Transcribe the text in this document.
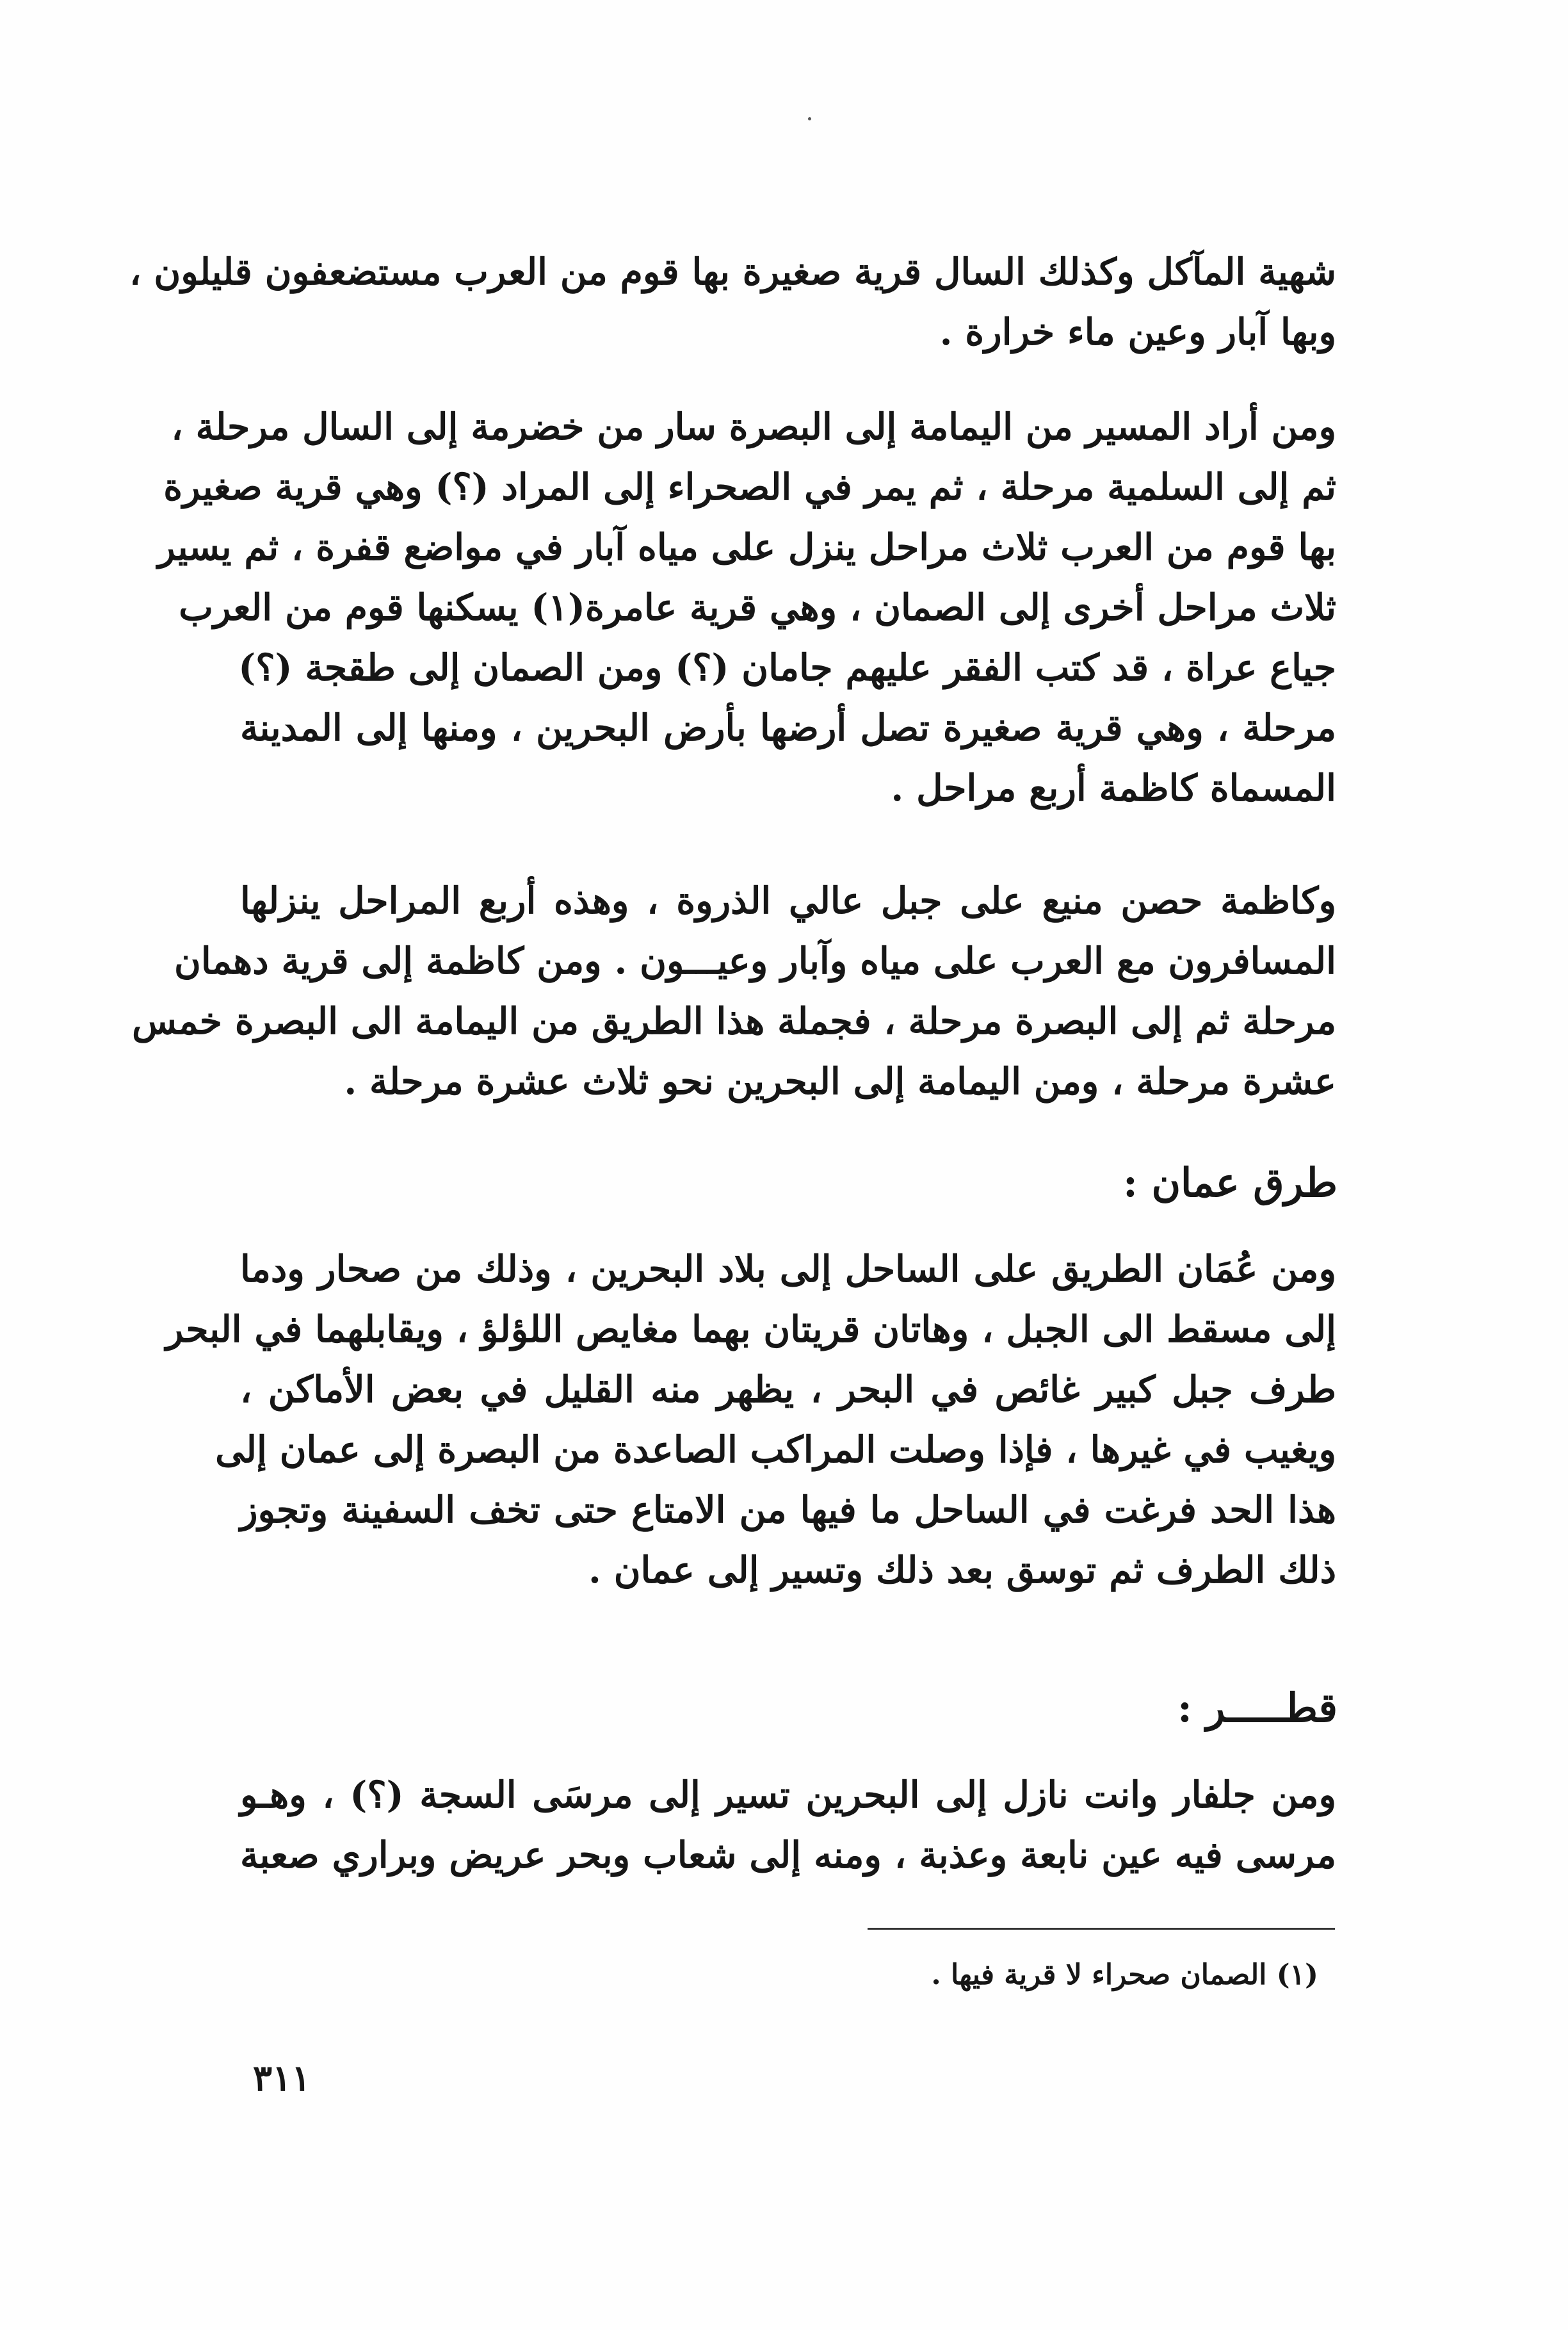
شهية المآكل وكذلك السال قرية صغيرة بها قوم من العرب مستضعفون قليلون ،
وبها آبار وعين ماء خرارة .
ومن أراد المسير من اليمامة إلى البصرة سار من خضرمة إلى السال مرحلة ،
ثم إلى السلمية مرحلة ، ثم يمر في الصحراء إلى المراد (؟) وهي قرية صغيرة
بها قوم من العرب ثلاث مراحل ينزل على مياه آبار في مواضع قفرة ، ثم يسير
ثلاث مراحل أخرى إلى الصمان ، وهي قرية عامرة(١) يسكنها قوم من العرب
جياع عراة ، قد كتب الفقر عليهم جامان (؟) ومن الصمان إلى طقجة (؟)
مرحلة ، وهي قرية صغيرة تصل أرضها بأرض البحرين ، ومنها إلى المدينة
المسماة كاظمة أربع مراحل .
وكاظمة حصن منيع على جبل عالي الذروة ، وهذه أربع المراحل ينزلها
المسافرون مع العرب على مياه وآبار وعيـــون . ومن كاظمة إلى قرية دهمان
مرحلة ثم إلى البصرة مرحلة ، فجملة هذا الطريق من اليمامة الى البصرة خمس
عشرة مرحلة ، ومن اليمامة إلى البحرين نحو ثلاث عشرة مرحلة .
طرق عمان :
ومن عُمَان الطريق على الساحل إلى بلاد البحرين ، وذلك من صحار ودما
إلى مسقط الى الجبل ، وهاتان قريتان بهما مغايص اللؤلؤ ، ويقابلهما في البحر
طرف جبل كبير غائص في البحر ، يظهر منه القليل في بعض الأماكن ،
ويغيب في غيرها ، فإذا وصلت المراكب الصاعدة من البصرة إلى عمان إلى
هذا الحد فرغت في الساحل ما فيها من الامتاع حتى تخف السفينة وتجوز
ذلك الطرف ثم توسق بعد ذلك وتسير إلى عمان .
قطـــــر :
ومن جلفار وانت نازل إلى البحرين تسير إلى مرسَى السجة (؟) ، وهـو
مرسى فيه عين نابعة وعذبة ، ومنه إلى شعاب وبحر عريض وبراري صعبة
(١) الصمان صحراء لا قرية فيها .
٣١١
